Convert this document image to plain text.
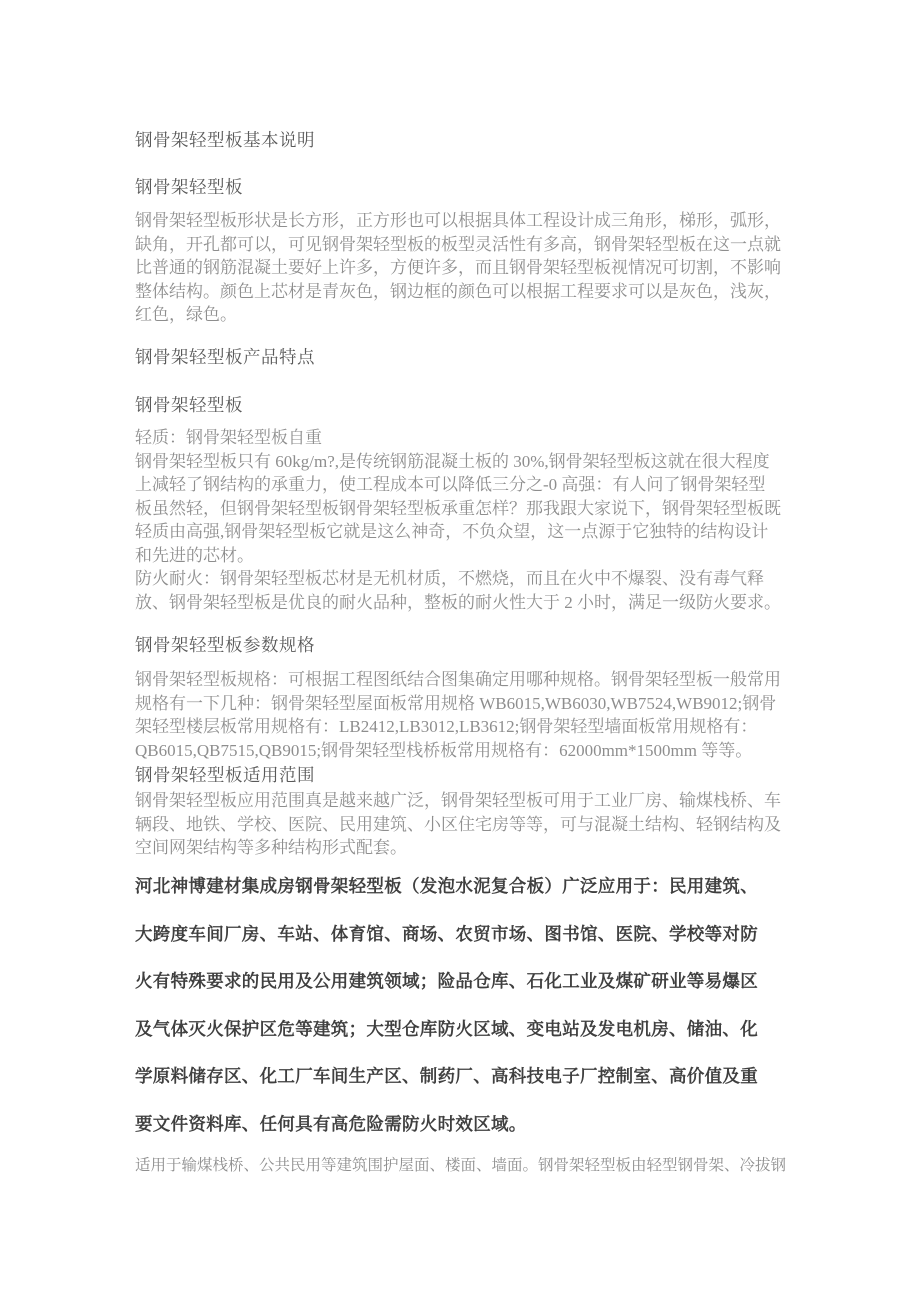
钢骨架轻型板基本说明
钢骨架轻型板
钢骨架轻型板形状是长方形，正方形也可以根据具体工程设计成三角形，梯形，弧形，
缺角，开孔都可以，可见钢骨架轻型板的板型灵活性有多高，钢骨架轻型板在这一点就
比普通的钢筋混凝土要好上许多，方便许多，而且钢骨架轻型板视情况可切割，不影响
整体结构。颜色上芯材是青灰色，钢边框的颜色可以根据工程要求可以是灰色，浅灰，
红色，绿色。
钢骨架轻型板产品特点
钢骨架轻型板
轻质：钢骨架轻型板自重
钢骨架轻型板只有 60kg/m?,是传统钢筋混凝土板的 30%,钢骨架轻型板这就在很大程度
上减轻了钢结构的承重力，使工程成本可以降低三分之-0 高强：有人问了钢骨架轻型
板虽然轻，但钢骨架轻型板钢骨架轻型板承重怎样？那我跟大家说下，钢骨架轻型板既
轻质由高强,钢骨架轻型板它就是这么神奇，不负众望，这一点源于它独特的结构设计
和先进的芯材。
防火耐火：钢骨架轻型板芯材是无机材质，不燃烧，而且在火中不爆裂、没有毒气释
放、钢骨架轻型板是优良的耐火品种，整板的耐火性大于 2 小时，满足一级防火要求。
钢骨架轻型板参数规格
钢骨架轻型板规格：可根据工程图纸结合图集确定用哪种规格。钢骨架轻型板一般常用
规格有一下几种：钢骨架轻型屋面板常用规格 WB6015,WB6030,WB7524,WB9012;钢骨
架轻型楼层板常用规格有：LB2412,LB3012,LB3612;钢骨架轻型墙面板常用规格有：
QB6015,QB7515,QB9015;钢骨架轻型栈桥板常用规格有：62000mm*1500mm 等等。
钢骨架轻型板适用范围
钢骨架轻型板应用范围真是越来越广泛，钢骨架轻型板可用于工业厂房、输煤栈桥、车
辆段、地铁、学校、医院、民用建筑、小区住宅房等等，可与混凝土结构、轻钢结构及
空间网架结构等多种结构形式配套。
河北神博建材集成房钢骨架轻型板（发泡水泥复合板）广泛应用于：民用建筑、
大跨度车间厂房、车站、体育馆、商场、农贸市场、图书馆、医院、学校等对防
火有特殊要求的民用及公用建筑领域；险品仓库、石化工业及煤矿研业等易爆区
及气体灭火保护区危等建筑；大型仓库防火区域、变电站及发电机房、储油、化
学原料储存区、化工厂车间生产区、制药厂、高科技电子厂控制室、高价值及重
要文件资料库、任何具有高危险需防火时效区域。
适用于输煤栈桥、公共民用等建筑围护屋面、楼面、墙面。钢骨架轻型板由轻型钢骨架、冷拔钢
